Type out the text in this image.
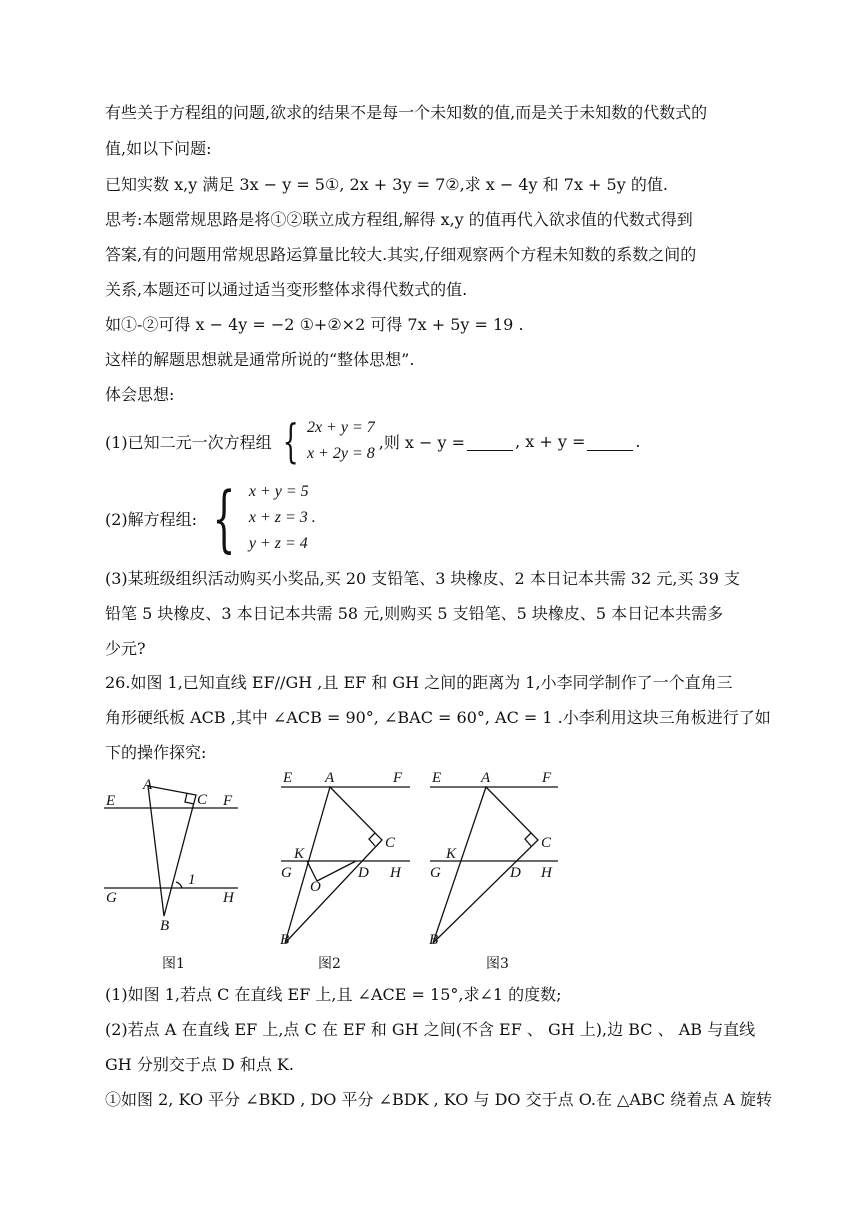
有些关于方程组的问题,欲求的结果不是每一个未知数的值,而是关于未知数的代数式的
值,如以下问题:
已知实数 x,y 满足 3x − y = 5①, 2x + 3y = 7②,求 x − 4y 和 7x + 5y 的值.
思考:本题常规思路是将①②联立成方程组,解得 x,y 的值再代入欲求值的代数式得到
答案,有的问题用常规思路运算量比较大.其实,仔细观察两个方程未知数的系数之间的
关系,本题还可以通过适当变形整体求得代数式的值.
如①-②可得 x − 4y = −2 ①+②×2 可得 7x + 5y = 19 .
这样的解题思想就是通常所说的“整体思想”.
体会思想:
(1)已知二元一次方程组 { 2x + y = 7
x + 2y = 8
,则 x − y =	, x + y =	.
(2)解方程组: { x + y = 5
x + z = 3 .
y + z = 4
(3)某班级组织活动购买小奖品,买 20 支铅笔、3 块橡皮、2 本日记本共需 32 元,买 39 支
铅笔 5 块橡皮、3 本日记本共需 58 元,则购买 5 支铅笔、5 块橡皮、5 本日记本共需多
少元?
26.如图 1,已知直线 EF//GH ,且 EF 和 GH 之间的距离为 1,小李同学制作了一个直角三
角形硬纸板 ACB ,其中 ∠ACB = 90°, ∠BAC = 60°, AC = 1 .小李利用这块三角板进行了如
下的操作探究:
E	F
G	H
A
C
B
1
E	F
A
C
K
G	D H
O
B
E	F
A
C
K
G	D H
B
图1	图2	图3
(1)如图 1,若点 C 在直线 EF 上,且 ∠ACE = 15°,求∠1 的度数;
(2)若点 A 在直线 EF 上,点 C 在 EF 和 GH 之间(不含 EF 、 GH 上),边 BC 、 AB 与直线
GH 分别交于点 D 和点 K.
①如图 2, KO 平分 ∠BKD , DO 平分 ∠BDK , KO 与 DO 交于点 O.在 △ABC 绕着点 A 旋转
